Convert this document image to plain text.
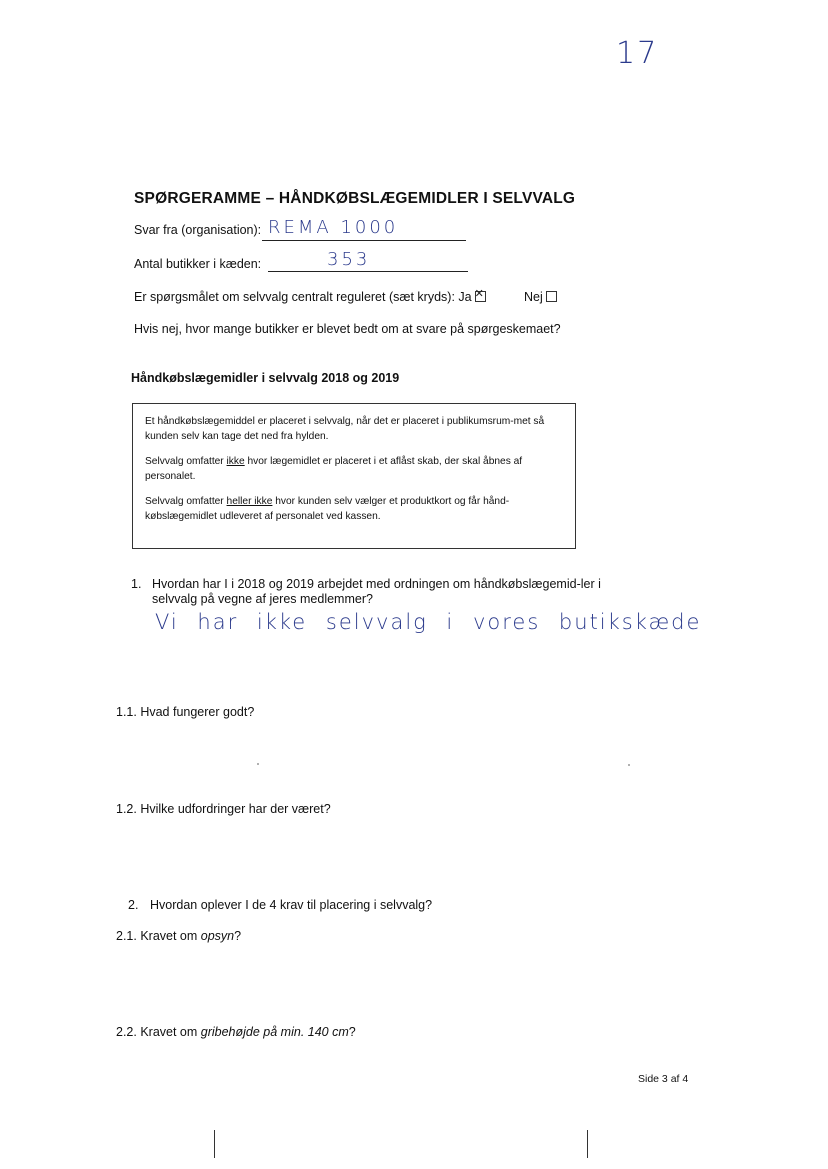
17
SPØRGERAMME – HÅNDKØBSLÆGEMIDLER I SELVVALG
Svar fra (organisation): REMA 1000
Antal butikker i kæden:	353
Er spørgsmålet om selvvalg centralt reguleret (sæt kryds): Ja✕	Nej
Hvis nej, hvor mange butikker er blevet bedt om at svare på spørgeskemaet?
Håndkøbslægemidler i selvvalg 2018 og 2019

Et håndkøbslægemiddel er placeret i selvvalg, når det er placeret i publikumsrum-met så kunden selv kan tage det ned fra hylden.

Selvvalg omfatter ikke hvor lægemidlet er placeret i et aflåst skab, der skal åbnes af personalet.

Selvvalg omfatter heller ikke hvor kunden selv vælger et produktkort og får hånd-købslægemidlet udleveret af personalet ved kassen.

1. Hvordan har I i 2018 og 2019 arbejdet med ordningen om håndkøbslægemid-ler i selvvalg på vegne af jeres medlemmer?
Vi har ikke selvvalg i vores butikskæde
1.1. Hvad fungerer godt?
1.2. Hvilke udfordringer har der været?
2. Hvordan oplever I de 4 krav til placering i selvvalg?
2.1. Kravet om opsyn?
2.2. Kravet om gribehøjde på min. 140 cm?
Side 3 af 4
